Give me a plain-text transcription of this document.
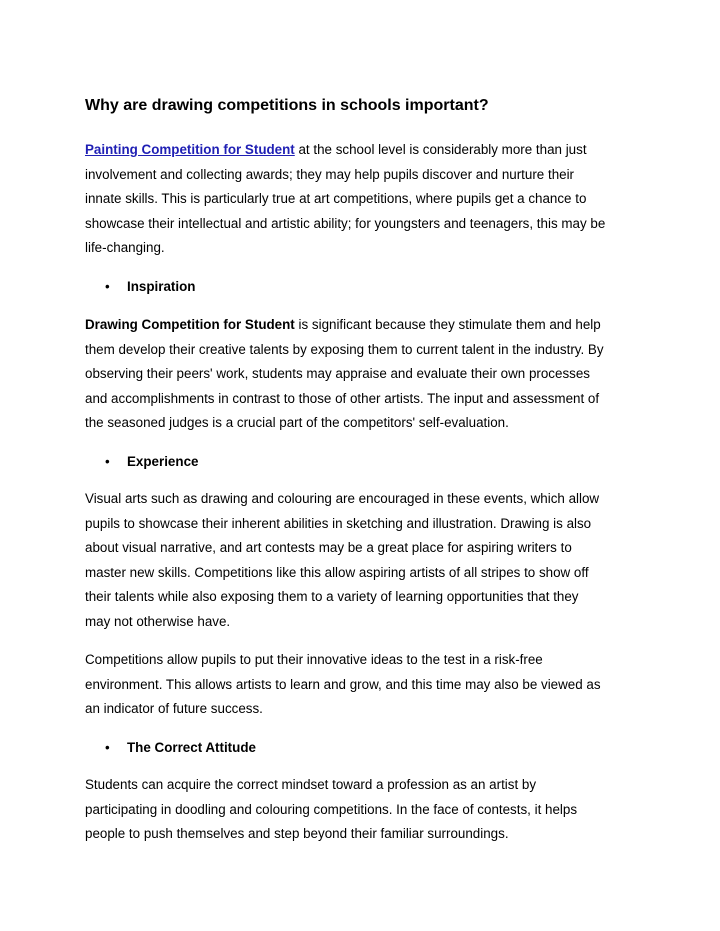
Why are drawing competitions in schools important?

Painting Competition for Student at the school level is considerably more than just
involvement and collecting awards; they may help pupils discover and nurture their
innate skills. This is particularly true at art competitions, where pupils get a chance to
showcase their intellectual and artistic ability; for youngsters and teenagers, this may be
life-changing.

• Inspiration

Drawing Competition for Student is significant because they stimulate them and help
them develop their creative talents by exposing them to current talent in the industry. By
observing their peers' work, students may appraise and evaluate their own processes
and accomplishments in contrast to those of other artists. The input and assessment of
the seasoned judges is a crucial part of the competitors' self-evaluation.

• Experience

Visual arts such as drawing and colouring are encouraged in these events, which allow
pupils to showcase their inherent abilities in sketching and illustration. Drawing is also
about visual narrative, and art contests may be a great place for aspiring writers to
master new skills. Competitions like this allow aspiring artists of all stripes to show off
their talents while also exposing them to a variety of learning opportunities that they
may not otherwise have.

Competitions allow pupils to put their innovative ideas to the test in a risk-free
environment. This allows artists to learn and grow, and this time may also be viewed as
an indicator of future success.

• The Correct Attitude

Students can acquire the correct mindset toward a profession as an artist by
participating in doodling and colouring competitions. In the face of contests, it helps
people to push themselves and step beyond their familiar surroundings.
